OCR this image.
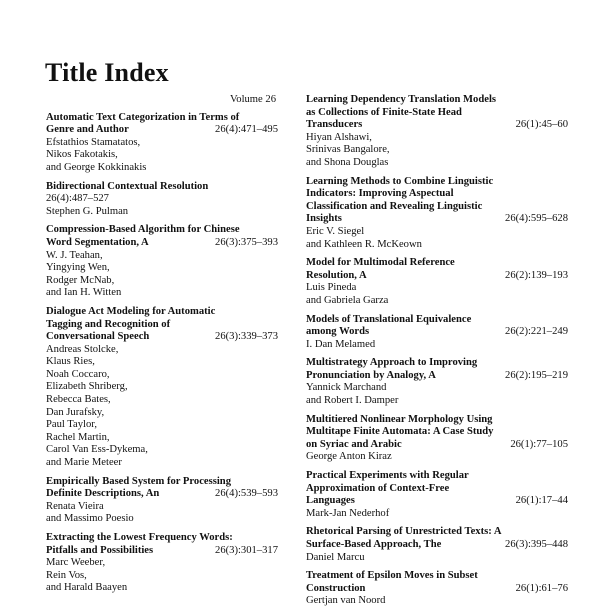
Title Index
Volume 26
Automatic Text Categorization in Terms of
Genre and Author	26(4):471–495
Efstathios Stamatatos,
Nikos Fakotakis,
and George Kokkinakis
Bidirectional Contextual Resolution
26(4):487–527
Stephen G. Pulman
Compression-Based Algorithm for Chinese
Word Segmentation, A	26(3):375–393
W. J. Teahan,
Yingying Wen,
Rodger McNab,
and Ian H. Witten
Dialogue Act Modeling for Automatic
Tagging and Recognition of
Conversational Speech	26(3):339–373
Andreas Stolcke,
Klaus Ries,
Noah Coccaro,
Elizabeth Shriberg,
Rebecca Bates,
Dan Jurafsky,
Paul Taylor,
Rachel Martin,
Carol Van Ess-Dykema,
and Marie Meteer
Empirically Based System for Processing
Definite Descriptions, An	26(4):539–593
Renata Vieira
and Massimo Poesio
Extracting the Lowest Frequency Words:
Pitfalls and Possibilities	26(3):301–317
Marc Weeber,
Rein Vos,
and Harald Baayen
Learning Dependency Translation Models
as Collections of Finite-State Head
Transducers	26(1):45–60
Hiyan Alshawi,
Srinivas Bangalore,
and Shona Douglas
Learning Methods to Combine Linguistic
Indicators: Improving Aspectual
Classification and Revealing Linguistic
Insights	26(4):595–628
Eric V. Siegel
and Kathleen R. McKeown
Model for Multimodal Reference
Resolution, A	26(2):139–193
Luis Pineda
and Gabriela Garza
Models of Translational Equivalence
among Words	26(2):221–249
I. Dan Melamed
Multistrategy Approach to Improving
Pronunciation by Analogy, A	26(2):195–219
Yannick Marchand
and Robert I. Damper
Multitiered Nonlinear Morphology Using
Multitape Finite Automata: A Case Study
on Syriac and Arabic	26(1):77–105
George Anton Kiraz
Practical Experiments with Regular
Approximation of Context-Free
Languages	26(1):17–44
Mark-Jan Nederhof
Rhetorical Parsing of Unrestricted Texts: A
Surface-Based Approach, The	26(3):395–448
Daniel Marcu
Treatment of Epsilon Moves in Subset
Construction	26(1):61–76
Gertjan van Noord
